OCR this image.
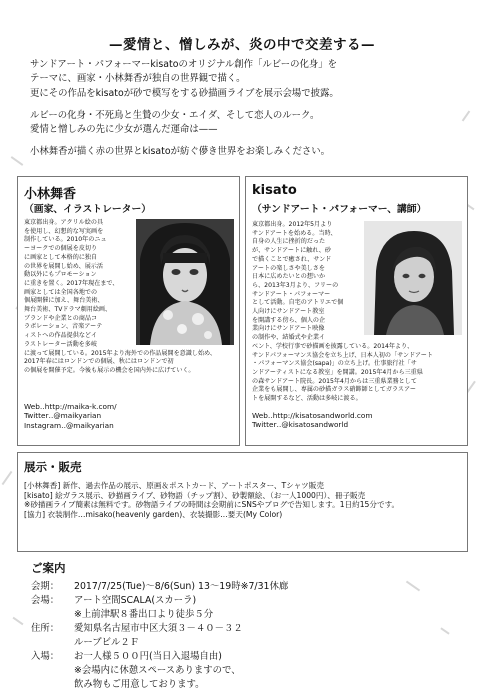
—愛情と、憎しみが、炎の中で交差する—

サンドアート・パフォーマーkisatoのオリジナル創作「ルビーの化身」を

テーマに、画家・小林舞香が独自の世界観で描く。

更にその作品をkisatoが砂で模写をする砂描画ライブを展示会場で披露。

ルビーの化身・不死鳥と生贄の少女・エイダ、そして恋人のルーク。

愛情と憎しみの先に少女が選んだ運命は——

小林舞香が描く赤の世界とkisatoが紡ぐ儚き世界をお楽しみください。

小林舞香
（画家、イラストレーター）
東京都出身。アクリル絵の具
を使用し、幻想的な写実画を
制作している。2010年のニュ
ーヨークでの個展を皮切り
に画家として本格的に独自
の世界を展開し始め、展示活
動以外にもプロモーション
に重きを置く。2017年現在まで、
画家としては全国各地での
個展開催に加え、舞台美術、
舞台美術、TVドラマ劇用絵画、
ブランドや企業との商品コ
ラボレーション、音楽アーテ
ィストへの作品提供などイ
ラストレーター活動を多岐
に渡って展開している。2015年より海外での作品展開を意識し始め、
2017年春にはロンドンでの個展、秋にはロンドンで初
の個展を開催予定。今後も展示の機会を国内外に広げていく。
Web‥http://maika-k.com/
Twitter‥@maikyarian
Instagram‥@maikyarian
kisato
（サンドアート・パフォーマー、講師）
東京都出身。2012年5月より
サンドアートを始める。当時、
自身の人生に挫折的だった
が、サンドアートに触れ、砂
で描くことで癒され、サンド
アートの楽しさや美しさを
日本に広めたいとの想いか
ら、2013年3月より、フリーの
サンドアート・パフォーマー
として活動。自宅のアトリエで個
人向けにサンドアート教室
を開講する傍ら、個人の企
業向けにサンドアート映像
の制作や、結婚式や企業イ
ベント、学校行事で砂描画を披露している。2014年より、
サンドパフォーマンス協会を立ち上げ、日本人初の「サンドアート
・パフォーマンス協会(sapa)」の立ち上げ。仕事旅行社「サ
ンドアーティストになる教室」を開講。2015年4月から三重県
の森サンドアート院長。2015年4月からは三重県業務として
企業をも展開し、専属の砂描ガラス硝飾師としてガラスアー
トを展開するなど、活動は多岐に渡る。
Web‥http://kisatosandworld.com
Twitter‥@kisatosandworld
展示・販売
[小林舞香] 新作、過去作品の展示、原画＆ポストカード、アートポスター、Tシャツ販売
[kisato] 絵ガラス展示、砂描画ライブ、砂物語（チップ割）、砂製額絵、（お一人1000円）、冊子販売
※砂描画ライブ簡素は無料です。砂物語ライブの時間は会期前にSNSやブログで告知します。1日約15分です。
[協力] 衣装制作…misako(heavenly garden)、衣装撮影…要天(My Color)
ご案内
会期： 2017/7/25(Tue)〜8/6(Sun) 13〜19時※7/31休廊
会場： アート空間SCALA(スカーラ)
※上前津駅８番出口より徒歩５分
住所： 愛知県名古屋市中区大須３－４０－３２
ルーブビル２Ｆ
入場： お一人様５００円(当日入退場自由)
※会場内に休憩スペースありますので、
飲み物もご用意しております。
